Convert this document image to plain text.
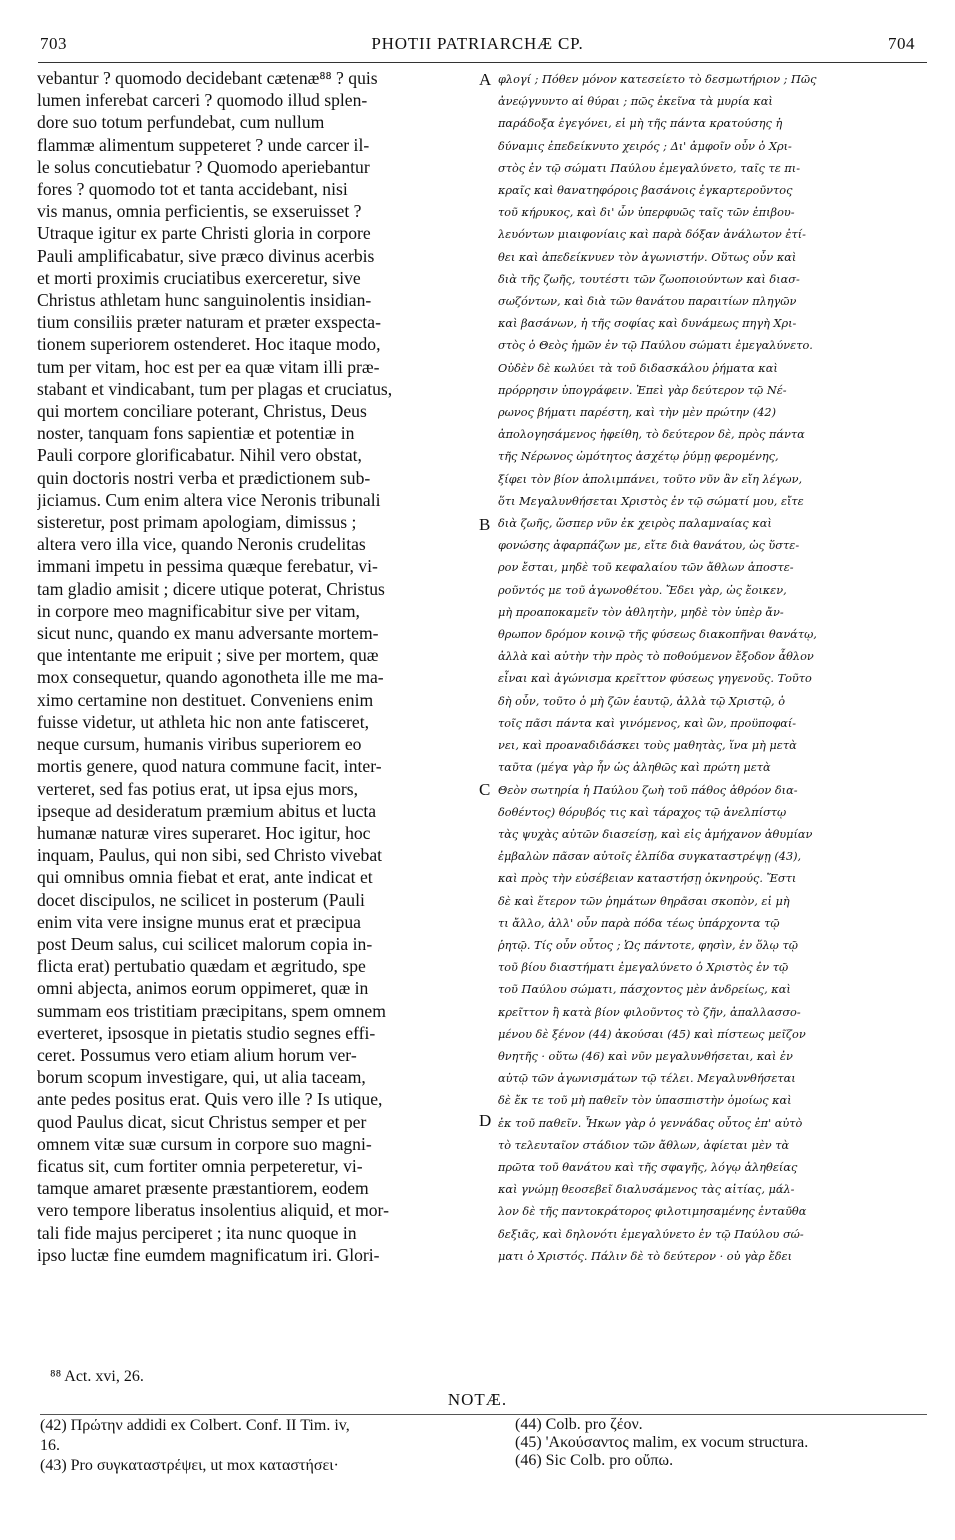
703	PHOTII PATRIARCHÆ CP.	704
vebantur ? quomodo decidebant cætenæ⁸⁸ ? quis
lumen inferebat carceri ? quomodo illud splen-
dore suo totum perfundebat, cum nullum
flammæ alimentum suppeteret ? unde carcer il-
le solus concutiebatur ? Quomodo aperiebantur
fores ? quomodo tot et tanta accidebant, nisi
vis manus, omnia perficientis, se exseruisset ?
Utraque igitur ex parte Christi gloria in corpore
Pauli amplificabatur, sive præco divinus acerbis
et morti proximis cruciatibus exerceretur, sive
Christus athletam hunc sanguinolentis insidian-
tium consiliis præter naturam et præter exspecta-
tionem superiorem ostenderet. Hoc itaque modo,
tum per vitam, hoc est per ea quæ vitam illi præ-
stabant et vindicabant, tum per plagas et cruciatus,
qui mortem conciliare poterant, Christus, Deus
noster, tanquam fons sapientiæ et potentiæ in
Pauli corpore glorificabatur. Nihil vero obstat,
quin doctoris nostri verba et prædictionem sub-
jiciamus. Cum enim altera vice Neronis tribunali
sisteretur, post primam apologiam, dimissus ;
altera vero illa vice, quando Neronis crudelitas
immani impetu in pessima quæque ferebatur, vi-
tam gladio amisit ; dicere utique poterat, Christus
in corpore meo magnificabitur sive per vitam,
sicut nunc, quando ex manu adversante mortem-
que intentante me eripuit ; sive per mortem, quæ
mox consequetur, quando agonotheta ille me ma-
ximo certamine non destituet. Conveniens enim
fuisse videtur, ut athleta hic non ante fatisceret,
neque cursum, humanis viribus superiorem eo
mortis genere, quod natura commune facit, inter-
verteret, sed fas potius erat, ut ipsa ejus mors,
ipseque ad desideratum præmium abitus et lucta
humanæ naturæ vires superaret. Hoc igitur, hoc
inquam, Paulus, qui non sibi, sed Christo vivebat
qui omnibus omnia fiebat et erat, ante indicat et
docet discipulos, ne scilicet in posterum (Pauli
enim vita vere insigne munus erat et præcipua
post Deum salus, cui scilicet malorum copia in-
flicta erat) pertubatio quædam et ægritudo, spe
omni abjecta, animos eorum oppimeret, quæ in
summam eos tristitiam præcipitans, spem omnem
everteret, ipsosque in pietatis studio segnes effi-
ceret. Possumus vero etiam alium horum ver-
borum scopum investigare, qui, ut alia taceam,
ante pedes positus erat. Quis vero ille ? Is utique,
quod Paulus dicat, sicut Christus semper et per
omnem vitæ suæ cursum in corpore suo magni-
ficatus sit, cum fortiter omnia perpeteretur, vi-
tamque amaret præsente præstantiorem, eodem
vero tempore liberatus insolentius aliquid, et mor-
tali fide majus perciperet ; ita nunc quoque in
ipso luctæ fine eumdem magnificatum iri. Glori-
φλογί ; Πόθεν μόνον κατεσείετο τὸ δεσμωτήριον ; Πῶς
ἀνεῴγνυντο αἱ θύραι ; πῶς ἐκεῖνα τὰ μυρία καὶ
παράδοξα ἐγεγόνει, εἰ μὴ τῆς πάντα κρατούσης ἡ
δύναμις ἐπεδείκνυτο χειρός ; Δι' ἀμφοῖν οὖν ὁ Χρι-
στὸς ἐν τῷ σώματι Παύλου ἐμεγαλύνετο, ταῖς τε πι-
κραῖς καὶ θανατηφόροις βασάνοις ἐγκαρτεροῦντος
τοῦ κήρυκος, καὶ δι' ὧν ὑπερφυῶς ταῖς τῶν ἐπιβου-
λευόντων μιαιφονίαις καὶ παρὰ δόξαν ἀνάλωτον ἐτί-
θει καὶ ἀπεδείκνυεν τὸν ἀγωνιστήν. Οὕτως οὖν καὶ
διὰ τῆς ζωῆς, τουτέστι τῶν ζωοποιούντων καὶ διασ-
σωζόντων, καὶ διὰ τῶν θανάτου παραιτίων πληγῶν
καὶ βασάνων, ἡ τῆς σοφίας καὶ δυνάμεως πηγὴ Χρι-
στὸς ὁ Θεὸς ἡμῶν ἐν τῷ Παύλου σώματι ἐμεγαλύνετο.
Οὐδὲν δὲ κωλύει τὰ τοῦ διδασκάλου ῥήματα καὶ
πρόρρησιν ὑπογράφειν. Ἐπεὶ γὰρ δεύτερον τῷ Νέ-
ρωνος βήματι παρέστη, καὶ τὴν μὲν πρώτην (42)
ἀπολογησάμενος ἠφείθη, τὸ δεύτερον δὲ, πρὸς πάντα
τῆς Νέρωνος ὠμότητος ἀσχέτῳ ῥύμῃ φερομένης,
ξίφει τὸν βίον ἀπολιμπάνει, τοῦτο νῦν ἂν εἴη λέγων,
ὅτι Μεγαλυνθήσεται Χριστὸς ἐν τῷ σώματί μου, εἴτε
διὰ ζωῆς, ὥσπερ νῦν ἐκ χειρὸς παλαμναίας καὶ
φονώσης ἀφαρπάζων με, εἴτε διὰ θανάτου, ὡς ὕστε-
ρον ἔσται, μηδὲ τοῦ κεφαλαίου τῶν ἄθλων ἀποστε-
ροῦντός με τοῦ ἀγωνοθέτου. Ἔδει γὰρ, ὡς ἔοικεν,
μὴ προαποκαμεῖν τὸν ἀθλητὴν, μηδὲ τὸν ὑπὲρ ἄν-
θρωπον δρόμον κοινῷ τῆς φύσεως διακοπῆναι θανάτῳ,
ἀλλὰ καὶ αὐτὴν τὴν πρὸς τὸ ποθούμενον ἔξοδον ἆθλον
εἶναι καὶ ἀγώνισμα κρεῖττον φύσεως γηγενοῦς. Τοῦτο
δὴ οὖν, τοῦτο ὁ μὴ ζῶν ἑαυτῷ, ἀλλὰ τῷ Χριστῷ, ὁ
τοῖς πᾶσι πάντα καὶ γινόμενος, καὶ ὢν, προϋποφαί-
νει, καὶ προαναδιδάσκει τοὺς μαθητὰς, ἵνα μὴ μετὰ
ταῦτα (μέγα γὰρ ἦν ὡς ἀληθῶς καὶ πρώτη μετὰ
Θεὸν σωτηρία ἡ Παύλου ζωὴ τοῦ πάθος ἀθρόον δια-
δοθέντος) θόρυβός τις καὶ τάραχος τῷ ἀνελπίστῳ
τὰς ψυχὰς αὐτῶν διασείσῃ, καὶ εἰς ἀμήχανον ἀθυμίαν
ἐμβαλὼν πᾶσαν αὐτοῖς ἐλπίδα συγκαταστρέψῃ (43),
καὶ πρὸς τὴν εὐσέβειαν καταστήσῃ ὀκνηρούς. Ἔστι
δὲ καὶ ἕτερον τῶν ῥημάτων θηρᾶσαι σκοπὸν, εἰ μὴ
τι ἄλλο, ἀλλ' οὖν παρὰ πόδα τέως ὑπάρχοντα τῷ
ῥητῷ. Τίς οὖν οὗτος ; Ὡς πάντοτε, φησὶν, ἐν ὅλῳ τῷ
τοῦ βίου διαστήματι ἐμεγαλύνετο ὁ Χριστὸς ἐν τῷ
τοῦ Παύλου σώματι, πάσχοντος μὲν ἀνδρείως, καὶ
κρεῖττον ἢ κατὰ βίον φιλοῦντος τὸ ζῆν, ἀπαλλασσο-
μένου δὲ ξένον (44) ἀκούσαι (45) καὶ πίστεως μεῖζον
θνητῆς · οὕτω (46) καὶ νῦν μεγαλυνθήσεται, καὶ ἐν
αὐτῷ τῶν ἀγωνισμάτων τῷ τέλει. Μεγαλυνθήσεται
δὲ ἔκ τε τοῦ μὴ παθεῖν τὸν ὑπασπιστὴν ὁμοίως καὶ
ἐκ τοῦ παθεῖν. Ἧκων γὰρ ὁ γεννάδας οὗτος ἐπ' αὐτὸ
τὸ τελευταῖον στάδιον τῶν ἄθλων, ἀφίεται μὲν τὰ
πρῶτα τοῦ θανάτου καὶ τῆς σφαγῆς, λόγῳ ἀληθείας
καὶ γνώμῃ θεοσεβεῖ διαλυσάμενος τὰς αἰτίας, μάλ-
λον δὲ τῆς παντοκράτορος φιλοτιμησαμένης ἐνταῦθα
δεξιᾶς, καὶ δηλονότι ἐμεγαλύνετο ἐν τῷ Παύλου σώ-
ματι ὁ Χριστός. Πάλιν δὲ τὸ δεύτερον · οὐ γὰρ ἔδει
A
B
C
D
⁸⁸ Act. xvi, 26.
NOTÆ.
(42) Πρώτην addidi ex Colbert. Conf. II Tim. iv,
16.
(43) Pro συγκαταστρέψει, ut mox καταστήσει·
(44) Colb. pro ζέον.
(45) 'Ακούσαντος malim, ex vocum structura.
(46) Sic Colb. pro οὔπω.
